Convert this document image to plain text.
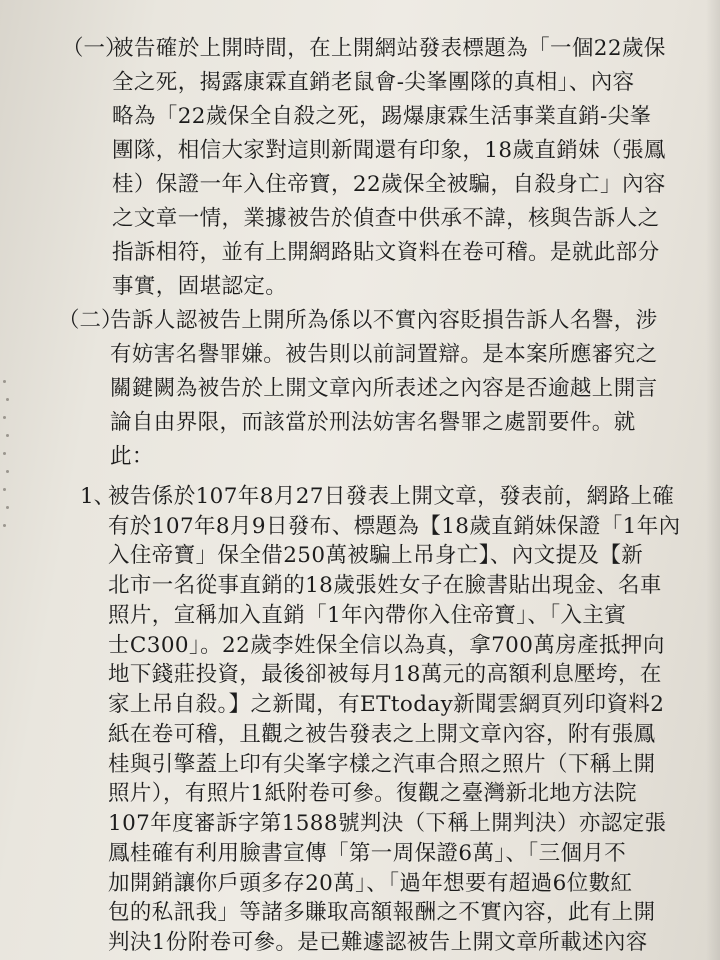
（一）
被告確於上開時間，在上開網站發表標題為「一個22歲保
全之死，揭露康霖直銷老鼠會-尖峯團隊的真相」、內容
略為「22歲保全自殺之死，踢爆康霖生活事業直銷-尖峯
團隊，相信大家對這則新聞還有印象，18歲直銷妹（張鳳
桂）保證一年入住帝寶，22歲保全被騙，自殺身亡」內容
之文章一情，業據被告於偵查中供承不諱，核與告訴人之
指訴相符，並有上開網路貼文資料在卷可稽。是就此部分
事實，固堪認定。
（二）
告訴人認被告上開所為係以不實內容貶損告訴人名譽，涉
有妨害名譽罪嫌。被告則以前詞置辯。是本案所應審究之
關鍵闕為被告於上開文章內所表述之內容是否逾越上開言
論自由界限，而該當於刑法妨害名譽罪之處罰要件。就
此：
1、
被告係於107年8月27日發表上開文章，發表前，網路上確
有於107年8月9日發布、標題為【18歲直銷妹保證「1年內
入住帝寶」保全借250萬被騙上吊身亡】、內文提及【新
北市一名從事直銷的18歲張姓女子在臉書貼出現金、名車
照片，宣稱加入直銷「1年內帶你入住帝寶」、「入主賓
士C300」。22歲李姓保全信以為真，拿700萬房產抵押向
地下錢莊投資，最後卻被每月18萬元的高額利息壓垮，在
家上吊自殺。】之新聞，有ETtoday新聞雲網頁列印資料2
紙在卷可稽，且觀之被告發表之上開文章內容，附有張鳳
桂與引擎蓋上印有尖峯字樣之汽車合照之照片（下稱上開
照片），有照片1紙附卷可參。復觀之臺灣新北地方法院
107年度審訴字第1588號判決（下稱上開判決）亦認定張
鳳桂確有利用臉書宣傳「第一周保證6萬」、「三個月不
加開銷讓你戶頭多存20萬」、「過年想要有超過6位數紅
包的私訊我」等諸多賺取高額報酬之不實內容，此有上開
判決1份附卷可參。是已難遽認被告上開文章所載述內容
